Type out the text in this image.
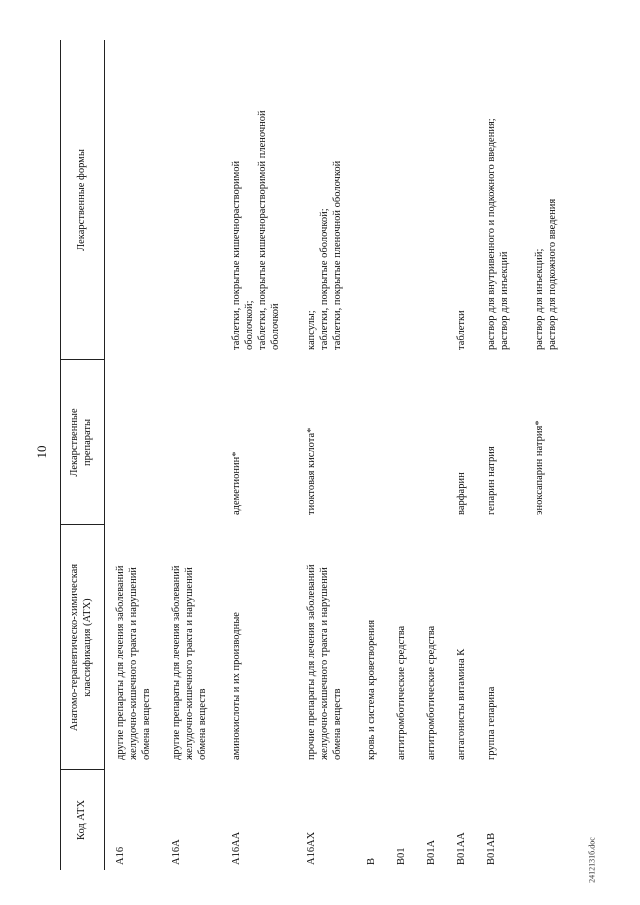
10
Код АТХ
Анатомо-терапевтическо-химическая классификация (АТХ)
Лекарственные препараты
Лекарственные формы
A16
другие препараты для лечения заболеваний желудочно-кишечного тракта и нарушений обмена веществ
A16A
другие препараты для лечения заболеваний желудочно-кишечного тракта и нарушений обмена веществ
A16AA
аминокислоты и их производные
адеметионин*
таблетки, покрытые кишечнорастворимой оболочкой; таблетки, покрытые кишечнорастворимой пленочной оболочкой
A16AX
прочие препараты для лечения заболеваний желудочно-кишечного тракта и нарушений обмена веществ
тиоктовая кислота*
капсулы; таблетки, покрытые оболочкой; таблетки, покрытые пленочной оболочкой
B
кровь и система кроветворения
B01
антитромботические средства
B01A
антитромботические средства
B01AA
антагонисты витамина К
варфарин
таблетки
B01AB
группа гепарина
гепарин натрия
раствор для внутривенного и подкожного введения; раствор для инъекций
эноксапарин натрия*
раствор для инъекций; раствор для подкожного введения
2412131б.doc
